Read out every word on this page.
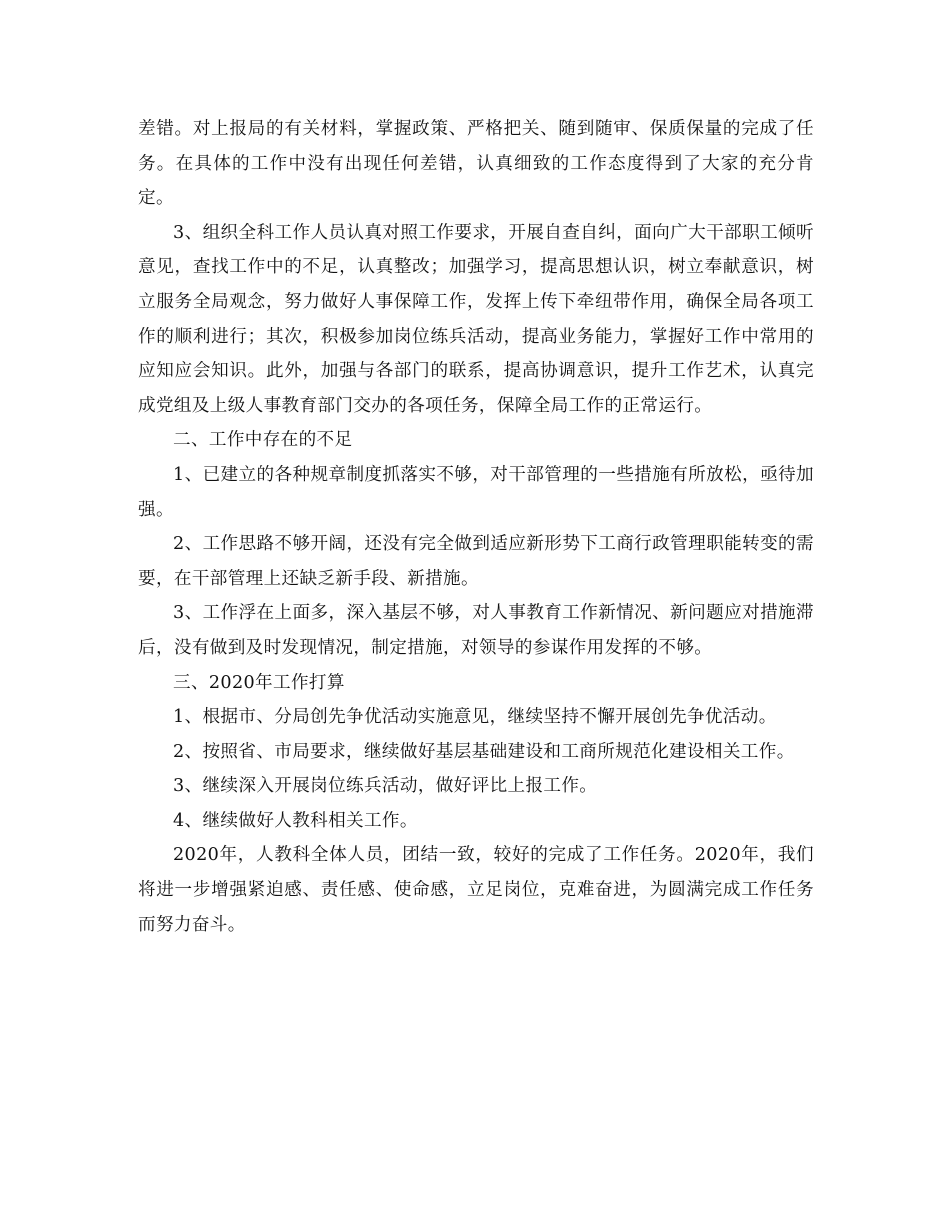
差错。对上报局的有关材料，掌握政策、严格把关、随到随审、保质保量的完成了任务。在具体的工作中没有出现任何差错，认真细致的工作态度得到了大家的充分肯定。

3、组织全科工作人员认真对照工作要求，开展自查自纠，面向广大干部职工倾听意见，查找工作中的不足，认真整改；加强学习，提高思想认识，树立奉献意识，树立服务全局观念，努力做好人事保障工作，发挥上传下牵纽带作用，确保全局各项工作的顺利进行；其次，积极参加岗位练兵活动，提高业务能力，掌握好工作中常用的应知应会知识。此外，加强与各部门的联系，提高协调意识，提升工作艺术，认真完成党组及上级人事教育部门交办的各项任务，保障全局工作的正常运行。

二、工作中存在的不足

1、已建立的各种规章制度抓落实不够，对干部管理的一些措施有所放松，亟待加强。

2、工作思路不够开阔，还没有完全做到适应新形势下工商行政管理职能转变的需要，在干部管理上还缺乏新手段、新措施。

3、工作浮在上面多，深入基层不够，对人事教育工作新情况、新问题应对措施滞后，没有做到及时发现情况，制定措施，对领导的参谋作用发挥的不够。

三、2020年工作打算

1、根据市、分局创先争优活动实施意见，继续坚持不懈开展创先争优活动。

2、按照省、市局要求，继续做好基层基础建设和工商所规范化建设相关工作。

3、继续深入开展岗位练兵活动，做好评比上报工作。

4、继续做好人教科相关工作。

2020年，人教科全体人员，团结一致，较好的完成了工作任务。2020年，我们将进一步增强紧迫感、责任感、使命感，立足岗位，克难奋进，为圆满完成工作任务而努力奋斗。
